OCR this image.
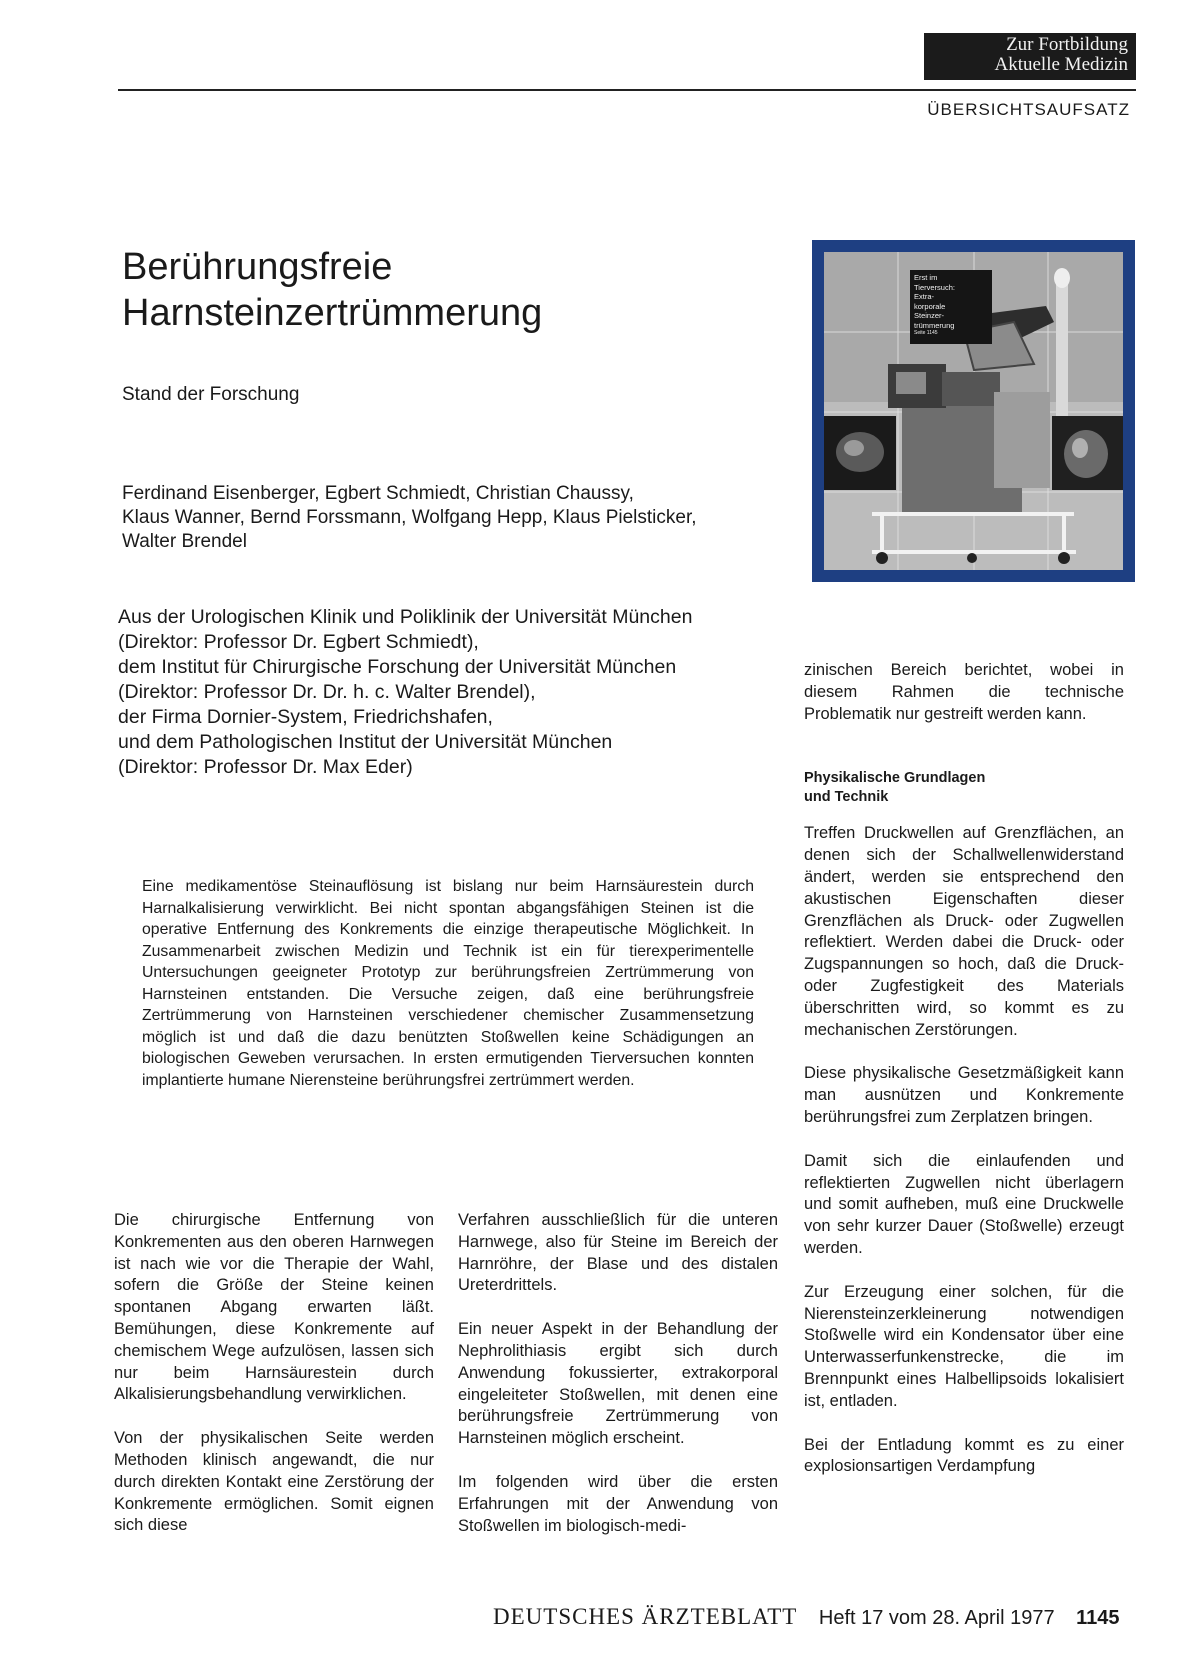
Zur Fortbildung
Aktuelle Medizin
ÜBERSICHTSAUFSATZ
Berührungsfreie
Harnsteinzertrümmerung
Stand der Forschung
Ferdinand Eisenberger, Egbert Schmiedt, Christian Chaussy,
Klaus Wanner, Bernd Forssmann, Wolfgang Hepp, Klaus Pielsticker,
Walter Brendel
Aus der Urologischen Klinik und Poliklinik der Universität München
(Direktor: Professor Dr. Egbert Schmiedt),
dem Institut für Chirurgische Forschung der Universität München
(Direktor: Professor Dr. Dr. h. c. Walter Brendel),
der Firma Dornier-System, Friedrichshafen,
und dem Pathologischen Institut der Universität München
(Direktor: Professor Dr. Max Eder)
Erst im
Tierversuch:
Extra-
korporale
Steinzer-
trümmerung
Seite 1145

zinischen Bereich berichtet, wobei in diesem Rahmen die technische Problematik nur gestreift werden kann.

Physikalische Grundlagen
und Technik

Treffen Druckwellen auf Grenzflächen, an denen sich der Schallwellenwiderstand ändert, werden sie entsprechend den akustischen Eigenschaften dieser Grenzflächen als Druck- oder Zugwellen reflektiert. Werden dabei die Druck- oder Zugspannungen so hoch, daß die Druck- oder Zugfestigkeit des Materials überschritten wird, so kommt es zu mechanischen Zerstörungen.

Diese physikalische Gesetzmäßigkeit kann man ausnützen und Konkremente berührungsfrei zum Zerplatzen bringen.

Damit sich die einlaufenden und reflektierten Zugwellen nicht überlagern und somit aufheben, muß eine Druckwelle von sehr kurzer Dauer (Stoßwelle) erzeugt werden.

Zur Erzeugung einer solchen, für die Nierensteinzerkleinerung notwendigen Stoßwelle wird ein Kondensator über eine Unterwasserfunkenstrecke, die im Brennpunkt eines Halbellipsoids lokalisiert ist, entladen.

Bei der Entladung kommt es zu einer explosionsartigen Verdampfung

Eine medikamentöse Steinauflösung ist bislang nur beim Harnsäurestein durch Harnalkalisierung verwirklicht. Bei nicht spontan abgangsfähigen Steinen ist die operative Entfernung des Konkrements die einzige therapeutische Möglichkeit. In Zusammenarbeit zwischen Medizin und Technik ist ein für tierexperimentelle Untersuchungen geeigneter Prototyp zur berührungsfreien Zertrümmerung von Harnsteinen entstanden. Die Versuche zeigen, daß eine berührungsfreie Zertrümmerung von Harnsteinen verschiedener chemischer Zusammensetzung möglich ist und daß die dazu benützten Stoßwellen keine Schädigungen an biologischen Geweben verursachen. In ersten ermutigenden Tierversuchen konnten implantierte humane Nierensteine berührungsfrei zertrümmert werden.

Die chirurgische Entfernung von Konkrementen aus den oberen Harnwegen ist nach wie vor die Therapie der Wahl, sofern die Größe der Steine keinen spontanen Abgang erwarten läßt. Bemühungen, diese Konkremente auf chemischem Wege aufzulösen, lassen sich nur beim Harnsäurestein durch Alkalisierungsbehandlung verwirklichen.

Von der physikalischen Seite werden Methoden klinisch angewandt, die nur durch direkten Kontakt eine Zerstörung der Konkremente ermöglichen. Somit eignen sich diese

Verfahren ausschließlich für die unteren Harnwege, also für Steine im Bereich der Harnröhre, der Blase und des distalen Ureterdrittels.

Ein neuer Aspekt in der Behandlung der Nephrolithiasis ergibt sich durch Anwendung fokussierter, extrakorporal eingeleiteter Stoßwellen, mit denen eine berührungsfreie Zertrümmerung von Harnsteinen möglich erscheint.

Im folgenden wird über die ersten Erfahrungen mit der Anwendung von Stoßwellen im biologisch-medi-

DEUTSCHES ÄRZTEBLATT Heft 17 vom 28. April 1977 1145
